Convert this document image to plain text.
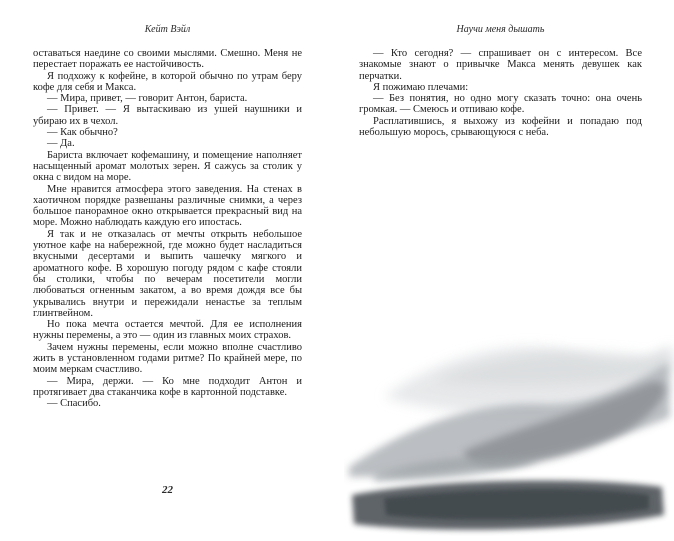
Кейт Вэйл

оставаться наедине со своими мыслями. Смешно. Меня не перестает поражать ее настойчивость.

Я подхожу к кофейне, в которой обычно по утрам беру кофе для себя и Макса.

— Мира, привет, — говорит Антон, бариста.

— Привет. — Я вытаскиваю из ушей наушники и убираю их в чехол.

— Как обычно?

— Да.

Бариста включает кофемашину, и помещение наполняет насыщенный аромат молотых зерен. Я сажусь за столик у окна с видом на море.

Мне нравится атмосфера этого заведения. На стенах в хаотичном порядке развешаны различные снимки, а через большое панорамное окно открывается прекрасный вид на море. Можно наблюдать каждую его ипостась.

Я так и не отказалась от мечты открыть небольшое уютное кафе на набережной, где можно будет насладиться вкусными десертами и выпить чашечку мягкого и ароматного кофе. В хорошую погоду рядом с кафе стояли бы столики, чтобы по вечерам посетители могли любоваться огненным закатом, а во время дождя все бы укрывались внутри и пережидали ненастье за теплым глинтвейном.

Но пока мечта остается мечтой. Для ее исполнения нужны перемены, а это — один из главных моих страхов.

Зачем нужны перемены, если можно вполне счастливо жить в установленном годами ритме? По крайней мере, по моим меркам счастливо.

— Мира, держи. — Ко мне подходит Антон и протягивает два стаканчика кофе в картонной подставке.

— Спасибо.

22
Научи меня дышать

— Кто сегодня? — спрашивает он с интересом. Все знакомые знают о привычке Макса менять девушек как перчатки.

Я пожимаю плечами:

— Без понятия, но одно могу сказать точно: она очень громкая. — Смеюсь и отпиваю кофе.

Расплатившись, я выхожу из кофейни и попадаю под небольшую морось, срывающуюся с неба.
